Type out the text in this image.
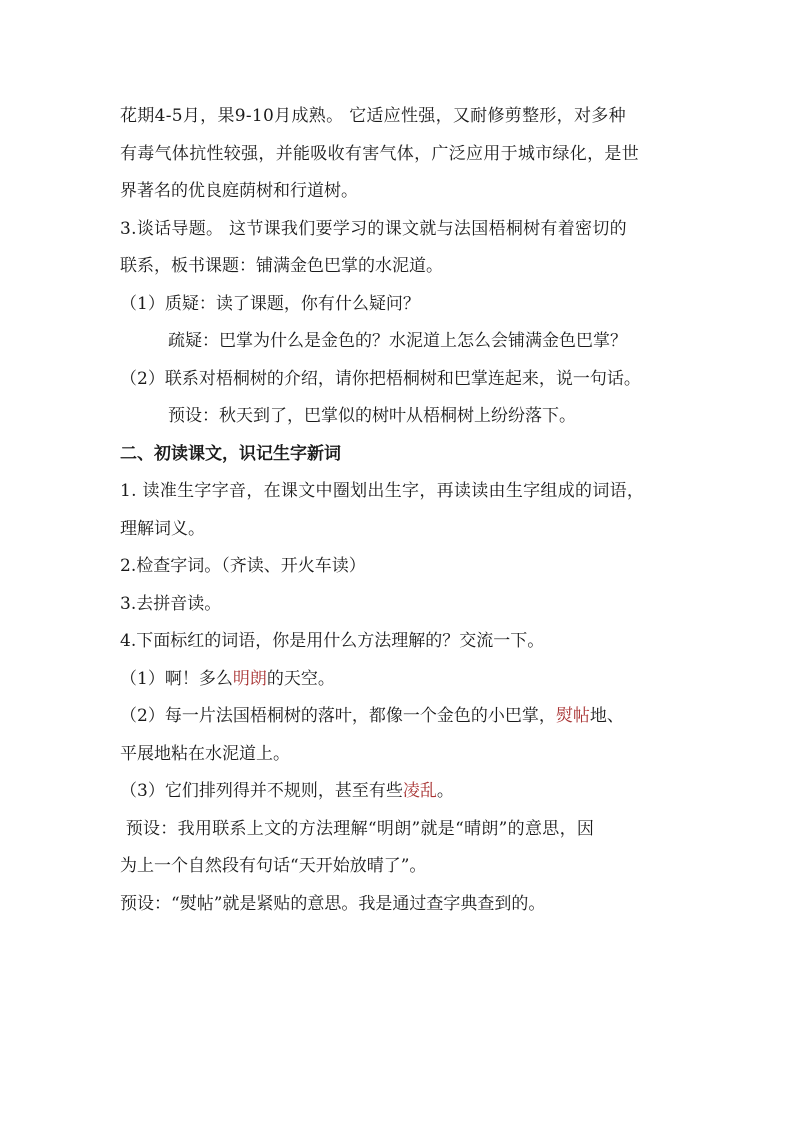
花期4-5月，果9-10月成熟。 它适应性强，又耐修剪整形，对多种
有毒气体抗性较强，并能吸收有害气体，广泛应用于城市绿化，是世
界著名的优良庭荫树和行道树。
3.谈话导题。 这节课我们要学习的课文就与法国梧桐树有着密切的
联系，板书课题：铺满金色巴掌的水泥道。
（1）质疑：读了课题，你有什么疑问？
疏疑：巴掌为什么是金色的？水泥道上怎么会铺满金色巴掌？
（2）联系对梧桐树的介绍，请你把梧桐树和巴掌连起来，说一句话。
预设：秋天到了，巴掌似的树叶从梧桐树上纷纷落下。
二、初读课文，识记生字新词
1. 读准生字字音，在课文中圈划出生字，再读读由生字组成的词语，
理解词义。
2.检查字词。（齐读、开火车读）
3.去拼音读。
4.下面标红的词语，你是用什么方法理解的？交流一下。
（1）啊！多么明朗的天空。
（2）每一片法国梧桐树的落叶，都像一个金色的小巴掌，熨帖地、
平展地粘在水泥道上。
（3）它们排列得并不规则，甚至有些凌乱。
预设：我用联系上文的方法理解“明朗”就是“晴朗”的意思，因
为上一个自然段有句话“天开始放晴了”。
预设：“熨帖”就是紧贴的意思。我是通过查字典查到的。
